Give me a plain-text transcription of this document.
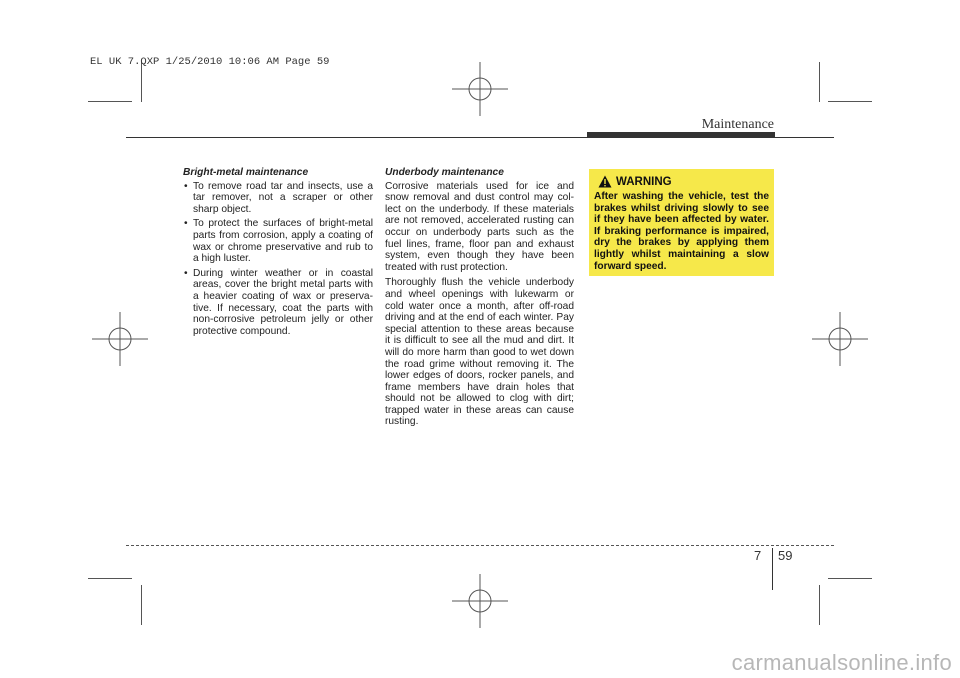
EL UK 7.QXP 1/25/2010 10:06 AM Page 59
Maintenance
Bright-metal maintenance
• To remove road tar and insects, use a tar remover, not a scraper or other sharp object.
• To protect the surfaces of bright-metal parts from corrosion, apply a coating of wax or chrome preservative and rub to a high luster.
• During winter weather or in coastal areas, cover the bright metal parts with a heavier coating of wax or preserva-tive. If necessary, coat the parts with non-corrosive petroleum jelly or other protective compound.
Underbody maintenance

Corrosive materials used for ice and snow removal and dust control may col-lect on the underbody. If these materials are not removed, accelerated rusting can occur on underbody parts such as the fuel lines, frame, floor pan and exhaust system, even though they have been treated with rust protection.

Thoroughly flush the vehicle underbody and wheel openings with lukewarm or cold water once a month, after off-road driving and at the end of each winter. Pay special attention to these areas because it is difficult to see all the mud and dirt. It will do more harm than good to wet down the road grime without removing it. The lower edges of doors, rocker panels, and frame members have drain holes that should not be allowed to clog with dirt; trapped water in these areas can cause rusting.

WARNING
After washing the vehicle, test the brakes whilst driving slowly to see if they have been affected by water. If braking performance is impaired, dry the brakes by applying them lightly whilst maintaining a slow forward speed.
7 59
carmanualsonline.info
